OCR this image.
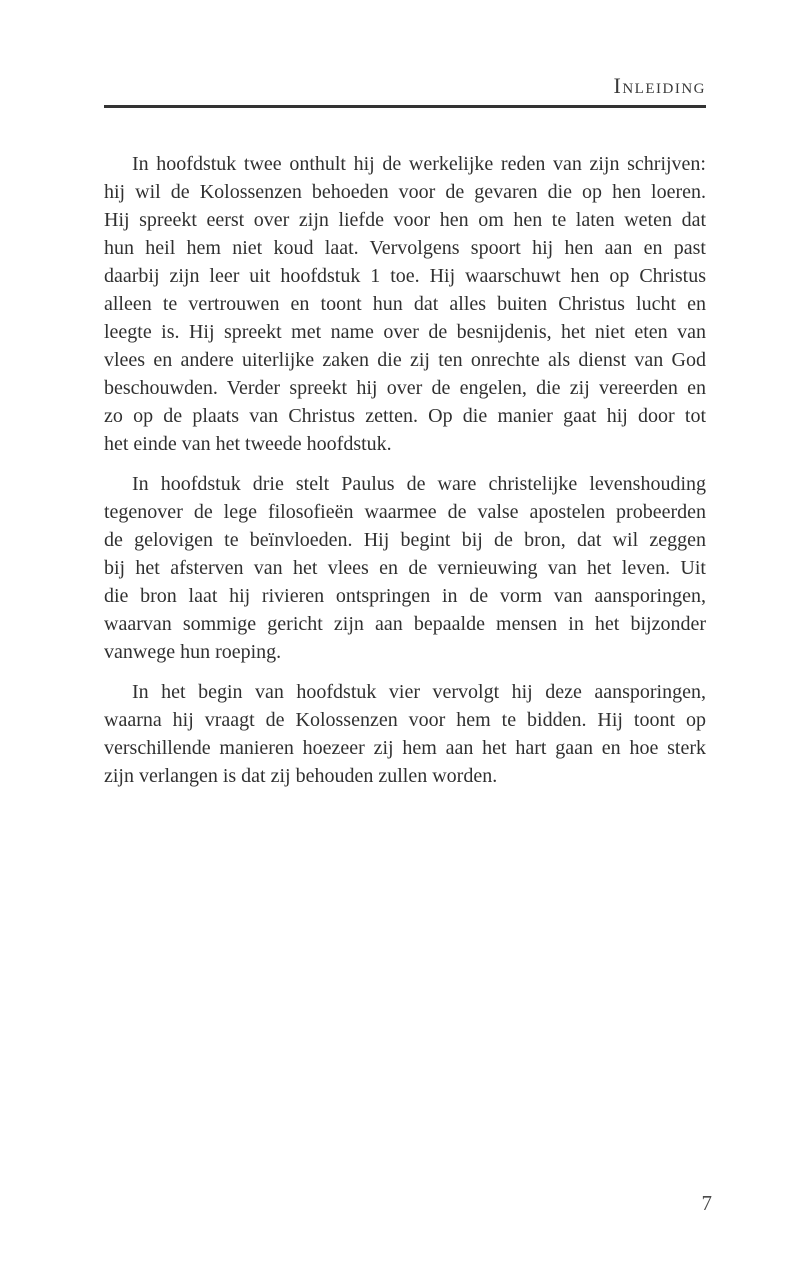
Inleiding
In hoofdstuk twee onthult hij de werkelijke reden van zijn schrijven:
hij wil de Kolossenzen behoeden voor de gevaren die op hen loeren.
Hij spreekt eerst over zijn liefde voor hen om hen te laten weten dat
hun heil hem niet koud laat. Vervolgens spoort hij hen aan en past
daarbij zijn leer uit hoofdstuk 1 toe. Hij waarschuwt hen op Christus
alleen te vertrouwen en toont hun dat alles buiten Christus lucht en
leegte is. Hij spreekt met name over de besnijdenis, het niet eten van
vlees en andere uiterlijke zaken die zij ten onrechte als dienst van God
beschouwden. Verder spreekt hij over de engelen, die zij vereerden en
zo op de plaats van Christus zetten. Op die manier gaat hij door tot
het einde van het tweede hoofdstuk.
In hoofdstuk drie stelt Paulus de ware christelijke levenshouding
tegenover de lege filosofieën waarmee de valse apostelen probeerden
de gelovigen te beïnvloeden. Hij begint bij de bron, dat wil zeggen
bij het afsterven van het vlees en de vernieuwing van het leven. Uit
die bron laat hij rivieren ontspringen in de vorm van aansporingen,
waarvan sommige gericht zijn aan bepaalde mensen in het bijzonder
vanwege hun roeping.
In het begin van hoofdstuk vier vervolgt hij deze aansporingen,
waarna hij vraagt de Kolossenzen voor hem te bidden. Hij toont op
verschillende manieren hoezeer zij hem aan het hart gaan en hoe sterk
zijn verlangen is dat zij behouden zullen worden.
7
